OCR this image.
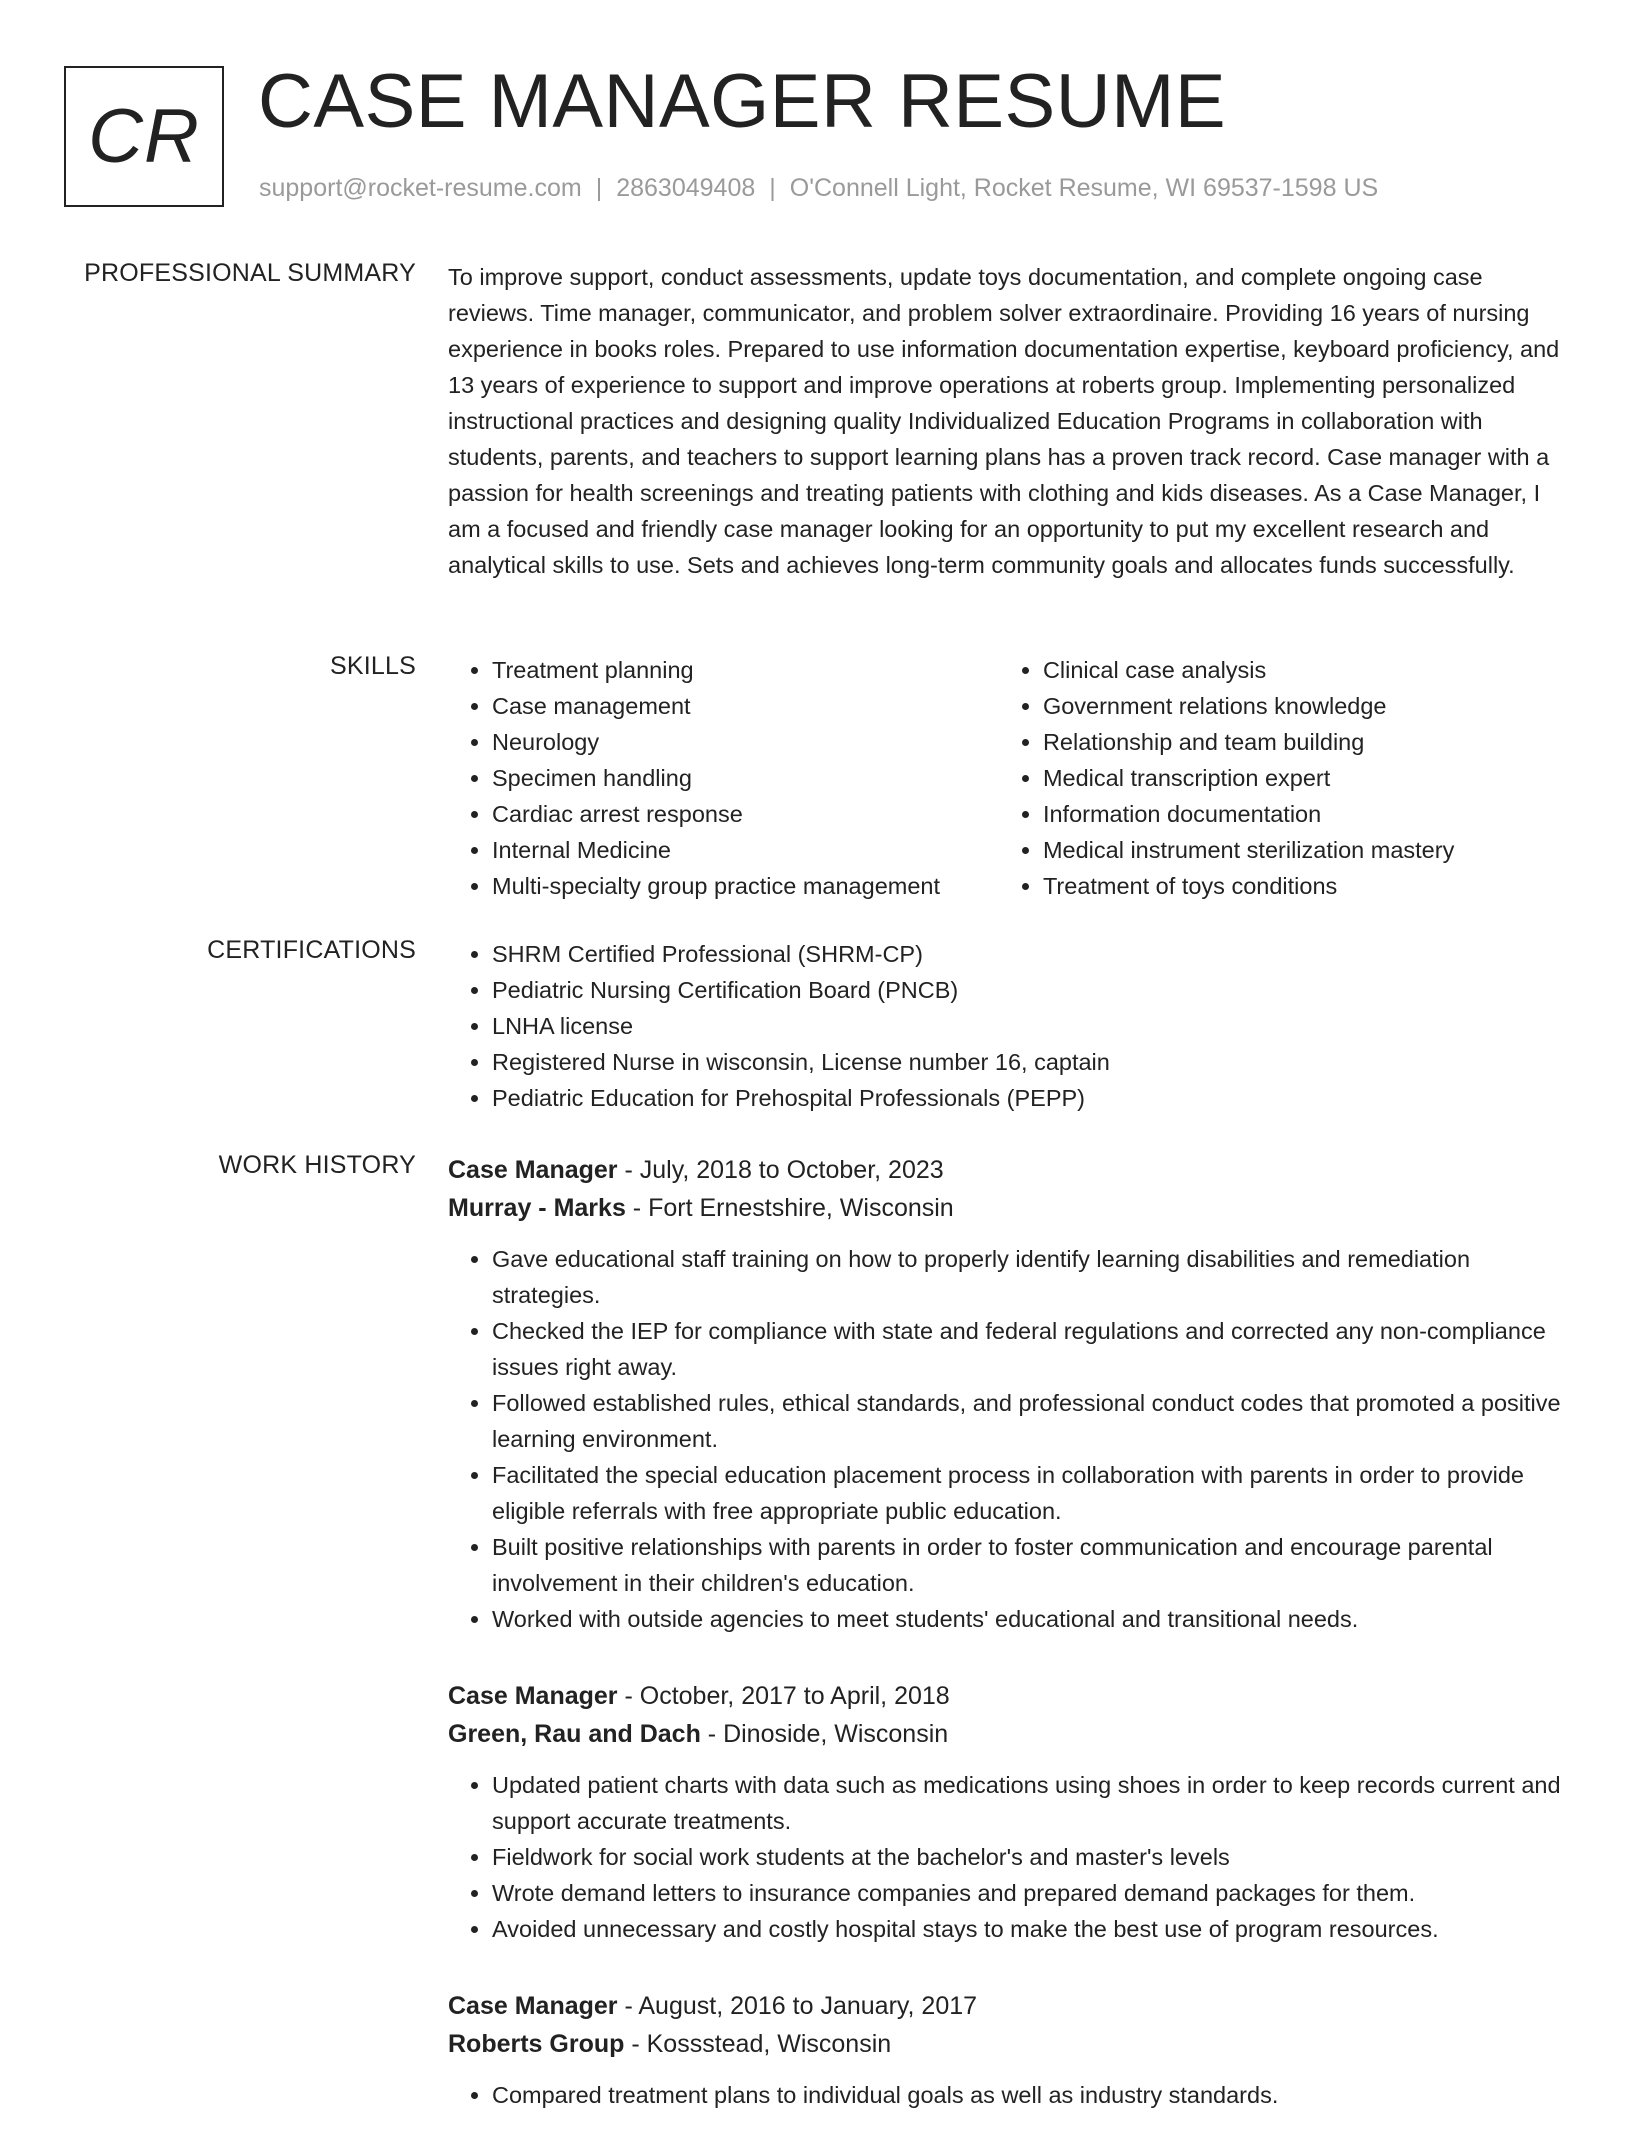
CR CASE MANAGER RESUME
support@rocket-resume.com | 2863049408 | O'Connell Light, Rocket Resume, WI 69537-1598 US
PROFESSIONAL SUMMARY To improve support, conduct assessments, update toys documentation, and complete ongoing case reviews. Time manager, communicator, and problem solver extraordinaire. Providing 16 years of nursing experience in books roles. Prepared to use information documentation expertise, keyboard proficiency, and 13 years of experience to support and improve operations at roberts group. Implementing personalized instructional practices and designing quality Individualized Education Programs in collaboration with students, parents, and teachers to support learning plans has a proven track record. Case manager with a passion for health screenings and treating patients with clothing and kids diseases. As a Case Manager, I am a focused and friendly case manager looking for an opportunity to put my excellent research and analytical skills to use. Sets and achieves long-term community goals and allocates funds successfully.

SKILLS	• Treatment planning
• Case management
• Neurology
• Specimen handling
• Cardiac arrest response
• Internal Medicine
• Multi-specialty group practice management
• Clinical case analysis
• Government relations knowledge
• Relationship and team building
• Medical transcription expert
• Information documentation
• Medical instrument sterilization mastery
• Treatment of toys conditions
CERTIFICATIONS	• SHRM Certified Professional (SHRM-CP)
• Pediatric Nursing Certification Board (PNCB)
• LNHA license
• Registered Nurse in wisconsin, License number 16, captain
• Pediatric Education for Prehospital Professionals (PEPP)
WORK HISTORY Case Manager - July, 2018 to October, 2023
Murray - Marks - Fort Ernestshire, Wisconsin
• Gave educational staff training on how to properly identify learning disabilities and remediation strategies.
• Checked the IEP for compliance with state and federal regulations and corrected any non-compliance issues right away.
• Followed established rules, ethical standards, and professional conduct codes that promoted a positive learning environment.
• Facilitated the special education placement process in collaboration with parents in order to provide eligible referrals with free appropriate public education.
• Built positive relationships with parents in order to foster communication and encourage parental involvement in their children's education.
• Worked with outside agencies to meet students' educational and transitional needs.
Case Manager - October, 2017 to April, 2018
Green, Rau and Dach - Dinoside, Wisconsin
• Updated patient charts with data such as medications using shoes in order to keep records current and support accurate treatments.
• Fieldwork for social work students at the bachelor's and master's levels
• Wrote demand letters to insurance companies and prepared demand packages for them.
• Avoided unnecessary and costly hospital stays to make the best use of program resources.
Case Manager - August, 2016 to January, 2017
Roberts Group - Kossstead, Wisconsin
• Compared treatment plans to individual goals as well as industry standards.
